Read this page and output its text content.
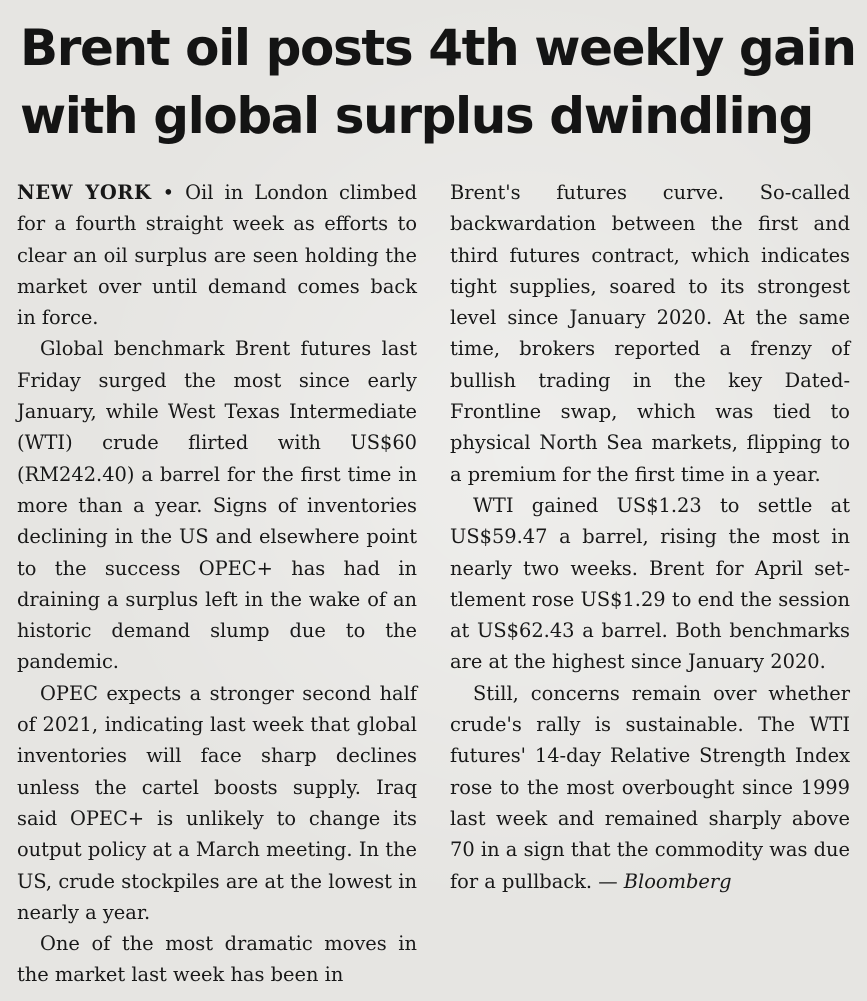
Brent oil posts 4th weekly gain with global surplus dwindling

NEW YORK • Oil in London climbed for a fourth straight week as efforts to clear an oil surplus are seen holding the market over until demand comes back in force.

Global benchmark Brent futures last Friday surged the most since early January, while West Texas Intermediate (WTI) crude flirted with US$60 (RM242.40) a barrel for the first time in more than a year. Signs of inventories declining in the US and elsewhere point to the success OPEC+ has had in draining a surplus left in the wake of an historic demand slump due to the pandemic.

OPEC expects a stronger second half of 2021, indicating last week that global inventories will face sharp declines unless the cartel boosts supply. Iraq said OPEC+ is unlikely to change its output policy at a March meeting. In the US, crude stockpiles are at the lowest in nearly a year.

One of the most dramatic moves in the market last week has been in

Brent's futures curve. So-called backwardation between the first and third futures contract, which indicates tight supplies, soared to its strongest level since January 2020. At the same time, brokers reported a frenzy of bullish trading in the key Dated-Frontline swap, which was tied to physical North Sea markets, flipping to a premium for the first time in a year.

WTI gained US$1.23 to settle at US$59.47 a barrel, rising the most in nearly two weeks. Brent for April settlement rose US$1.29 to end the session at US$62.43 a barrel. Both benchmarks are at the highest since January 2020.

Still, concerns remain over whether crude's rally is sustainable. The WTI futures' 14-day Relative Strength Index rose to the most overbought since 1999 last week and remained sharply above 70 in a sign that the commodity was due for a pullback. — Bloomberg
